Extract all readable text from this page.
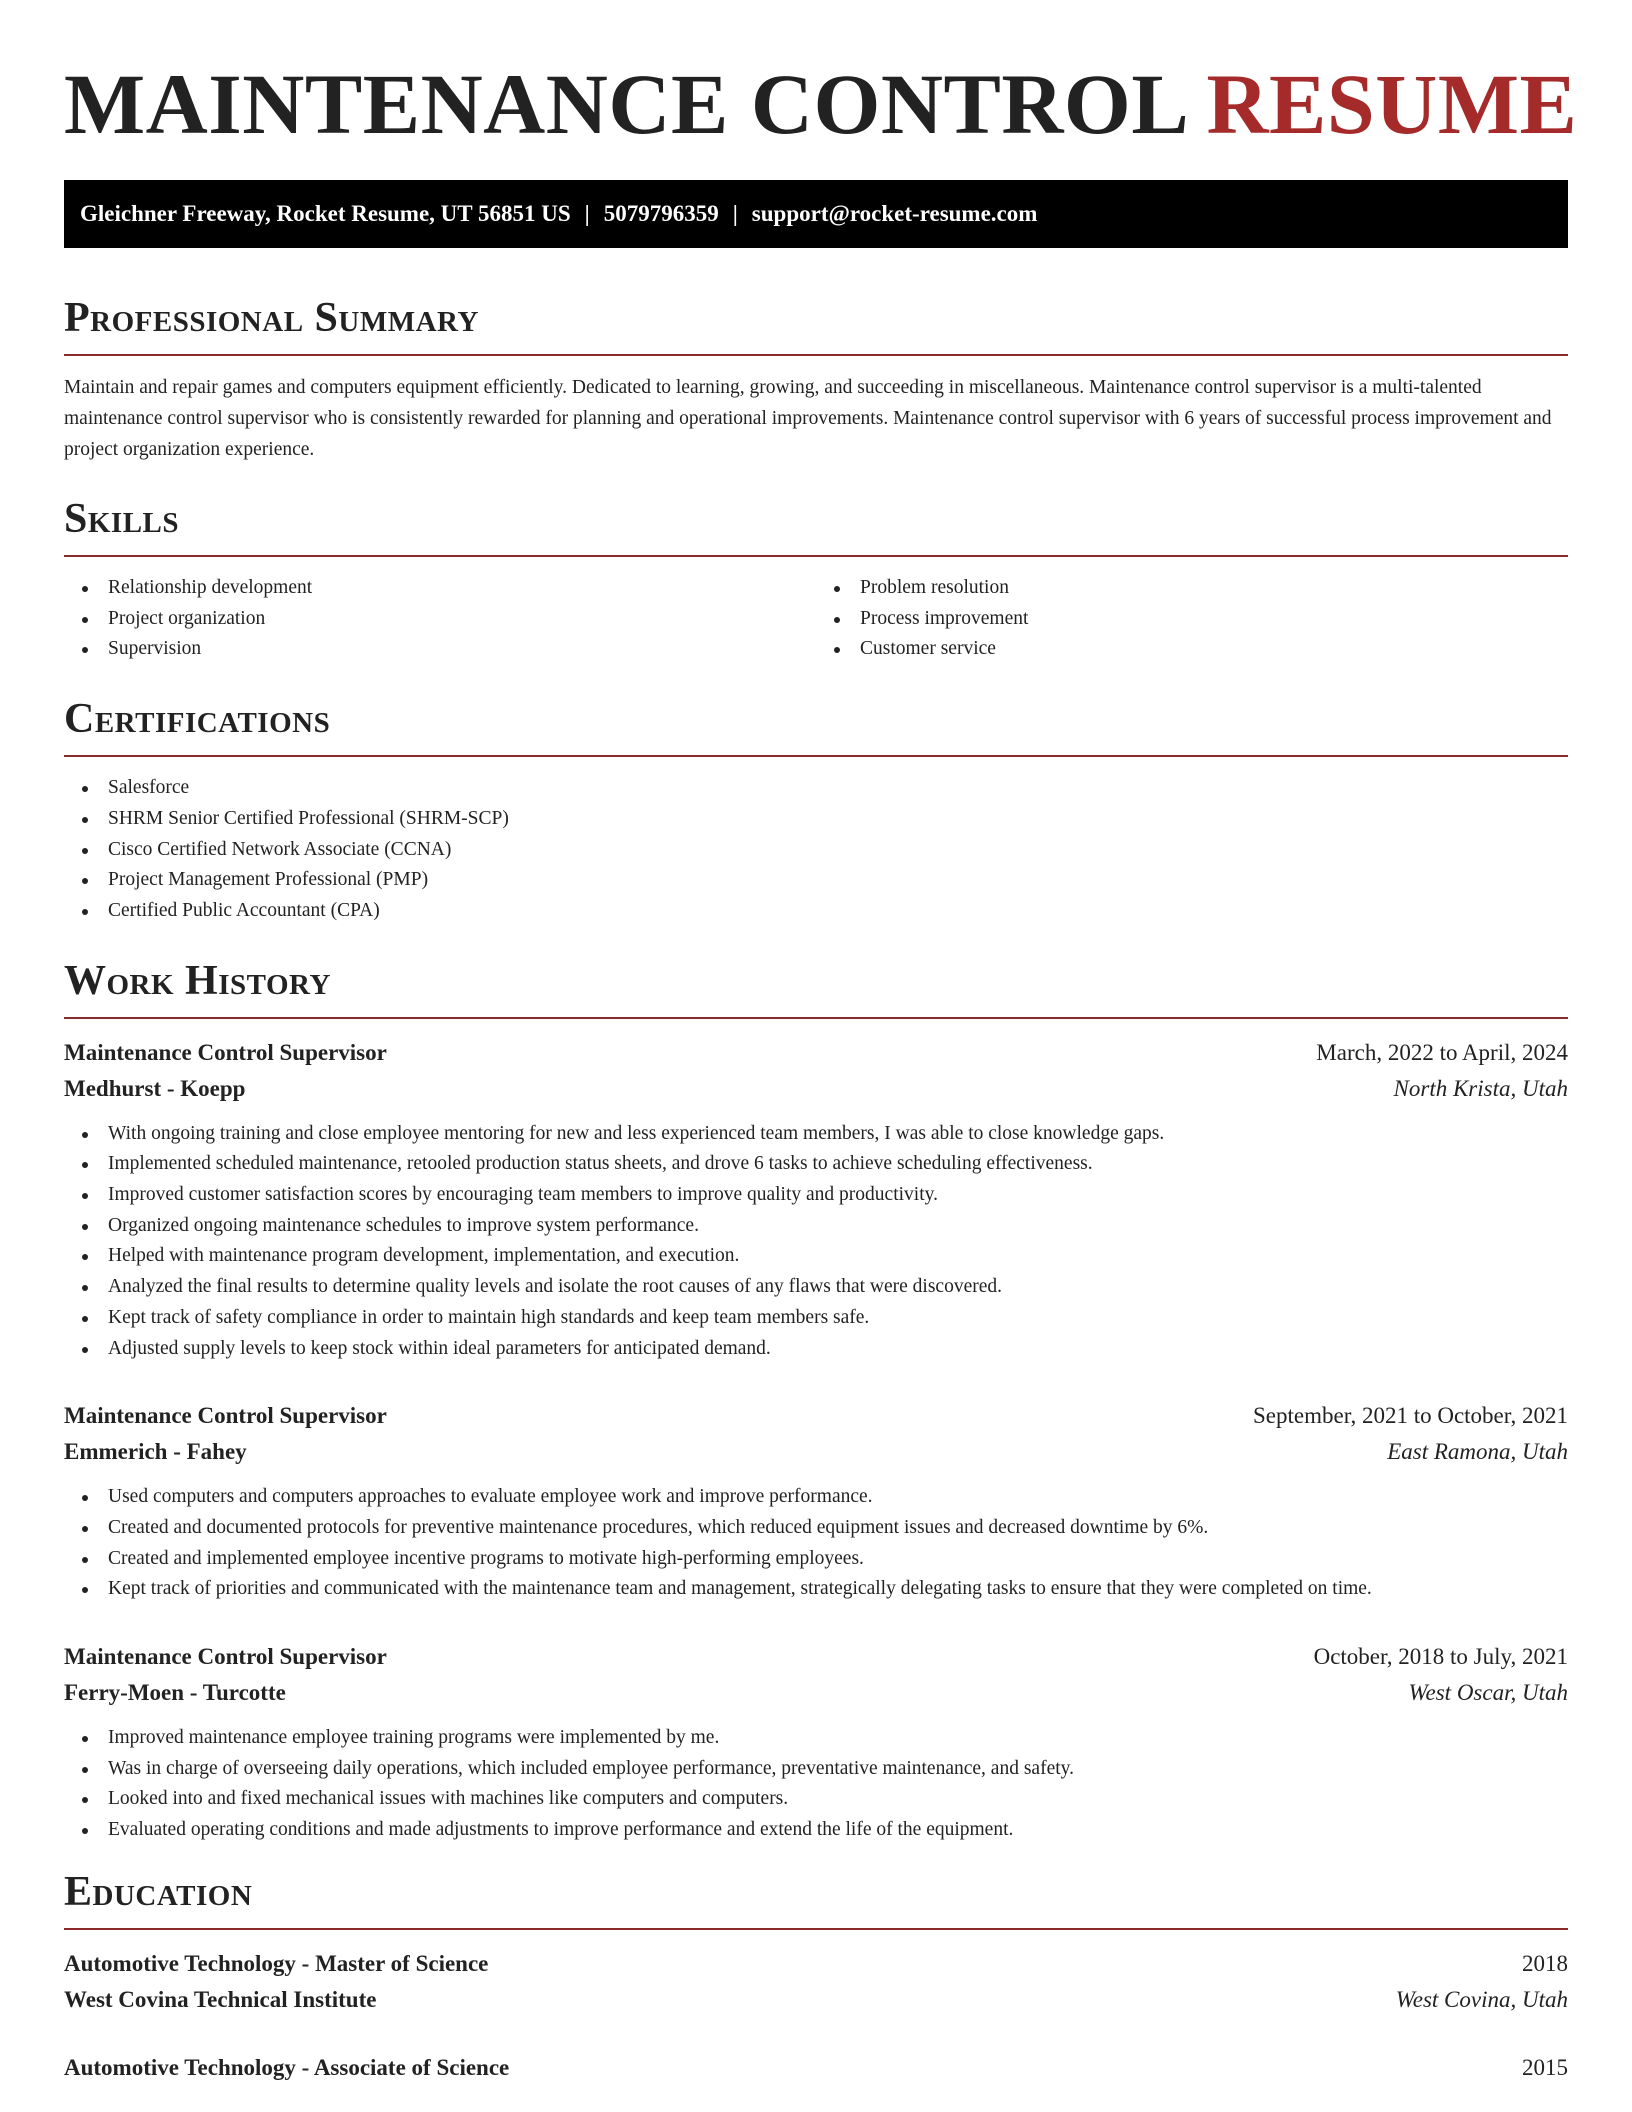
MAINTENANCE CONTROL RESUME
Gleichner Freeway, Rocket Resume, UT 56851 US | 5079796359 | support@rocket-resume.com
Professional Summary

Maintain and repair games and computers equipment efficiently. Dedicated to learning, growing, and succeeding in miscellaneous. Maintenance control supervisor is a multi-talented maintenance control supervisor who is consistently rewarded for planning and operational improvements. Maintenance control supervisor with 6 years of successful process improvement and project organization experience.

Skills
Relationship development
Project organization
Supervision
Problem resolution
Process improvement
Customer service
Certifications
Salesforce
SHRM Senior Certified Professional (SHRM-SCP)
Cisco Certified Network Associate (CCNA)
Project Management Professional (PMP)
Certified Public Accountant (CPA)
Work History
Maintenance Control Supervisor	March, 2022 to April, 2024
Medhurst - Koepp	North Krista, Utah
With ongoing training and close employee mentoring for new and less experienced team members, I was able to close knowledge gaps.
Implemented scheduled maintenance, retooled production status sheets, and drove 6 tasks to achieve scheduling effectiveness.
Improved customer satisfaction scores by encouraging team members to improve quality and productivity.
Organized ongoing maintenance schedules to improve system performance.
Helped with maintenance program development, implementation, and execution.
Analyzed the final results to determine quality levels and isolate the root causes of any flaws that were discovered.
Kept track of safety compliance in order to maintain high standards and keep team members safe.
Adjusted supply levels to keep stock within ideal parameters for anticipated demand.
Maintenance Control Supervisor	September, 2021 to October, 2021
Emmerich - Fahey	East Ramona, Utah
Used computers and computers approaches to evaluate employee work and improve performance.
Created and documented protocols for preventive maintenance procedures, which reduced equipment issues and decreased downtime by 6%.
Created and implemented employee incentive programs to motivate high-performing employees.
Kept track of priorities and communicated with the maintenance team and management, strategically delegating tasks to ensure that they were completed on time.
Maintenance Control Supervisor	October, 2018 to July, 2021
Ferry-Moen - Turcotte	West Oscar, Utah
Improved maintenance employee training programs were implemented by me.
Was in charge of overseeing daily operations, which included employee performance, preventative maintenance, and safety.
Looked into and fixed mechanical issues with machines like computers and computers.
Evaluated operating conditions and made adjustments to improve performance and extend the life of the equipment.
Education
Automotive Technology - Master of Science	2018
West Covina Technical Institute	West Covina, Utah
Automotive Technology - Associate of Science	2015
